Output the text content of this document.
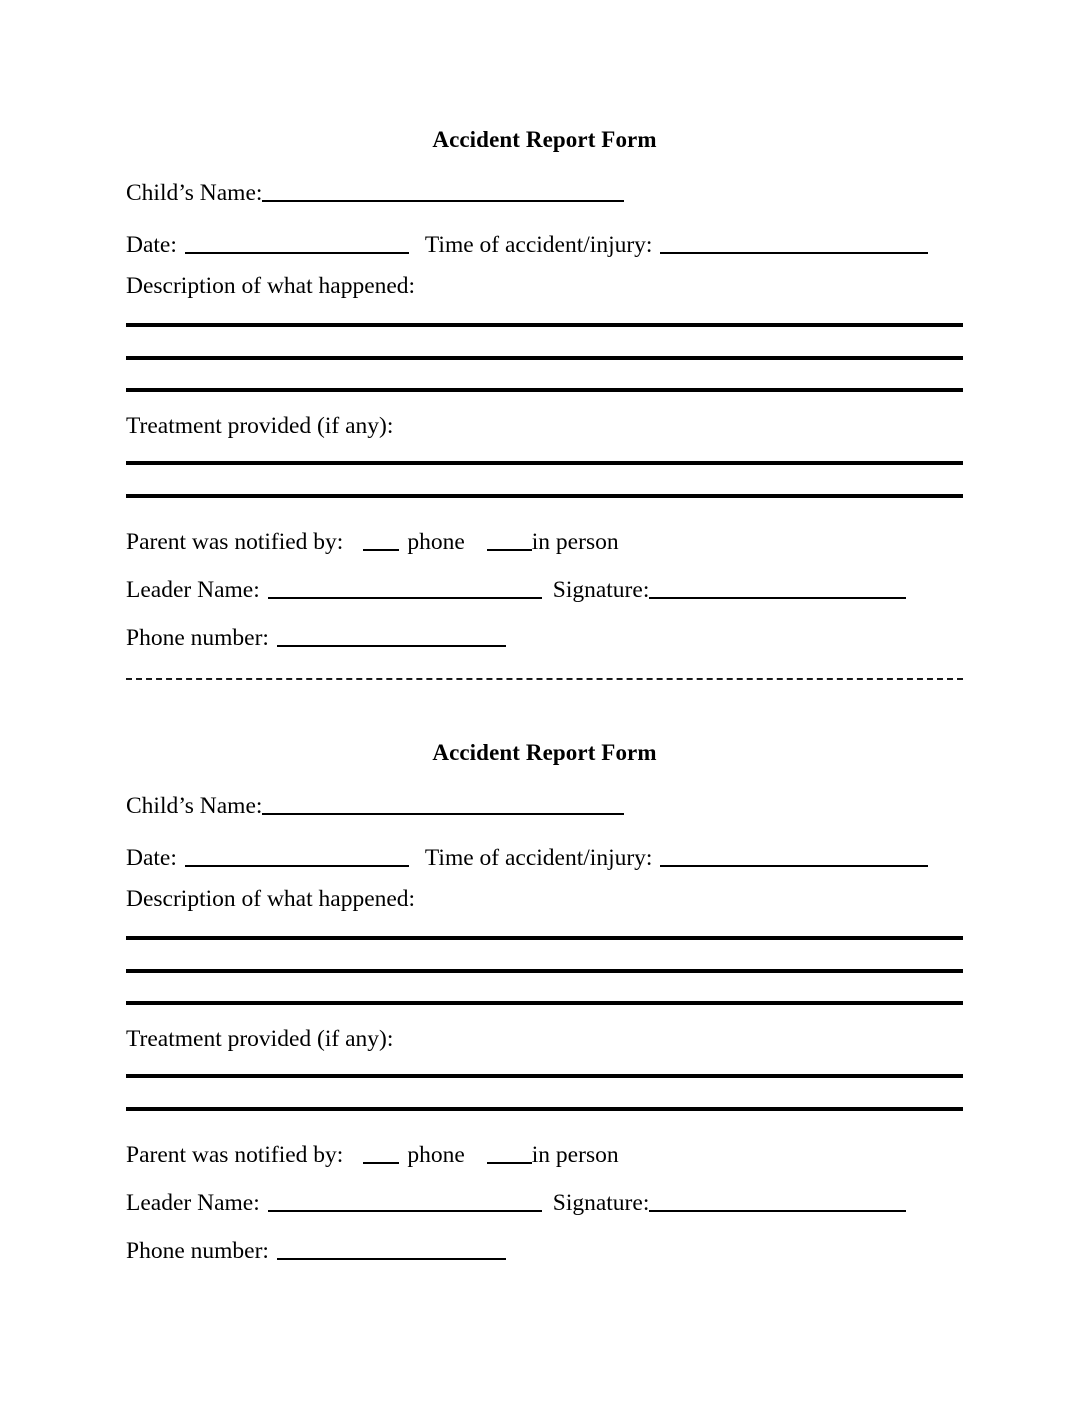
Accident Report Form
Child’s Name:
Date:	Time of accident/injury:
Description of what happened:
Treatment provided (if any):
Parent was notified by:	phone	in person
Leader Name:	Signature:
Phone number:
Accident Report Form
Child’s Name:
Date:	Time of accident/injury:
Description of what happened:
Treatment provided (if any):
Parent was notified by:	phone	in person
Leader Name:	Signature:
Phone number:
